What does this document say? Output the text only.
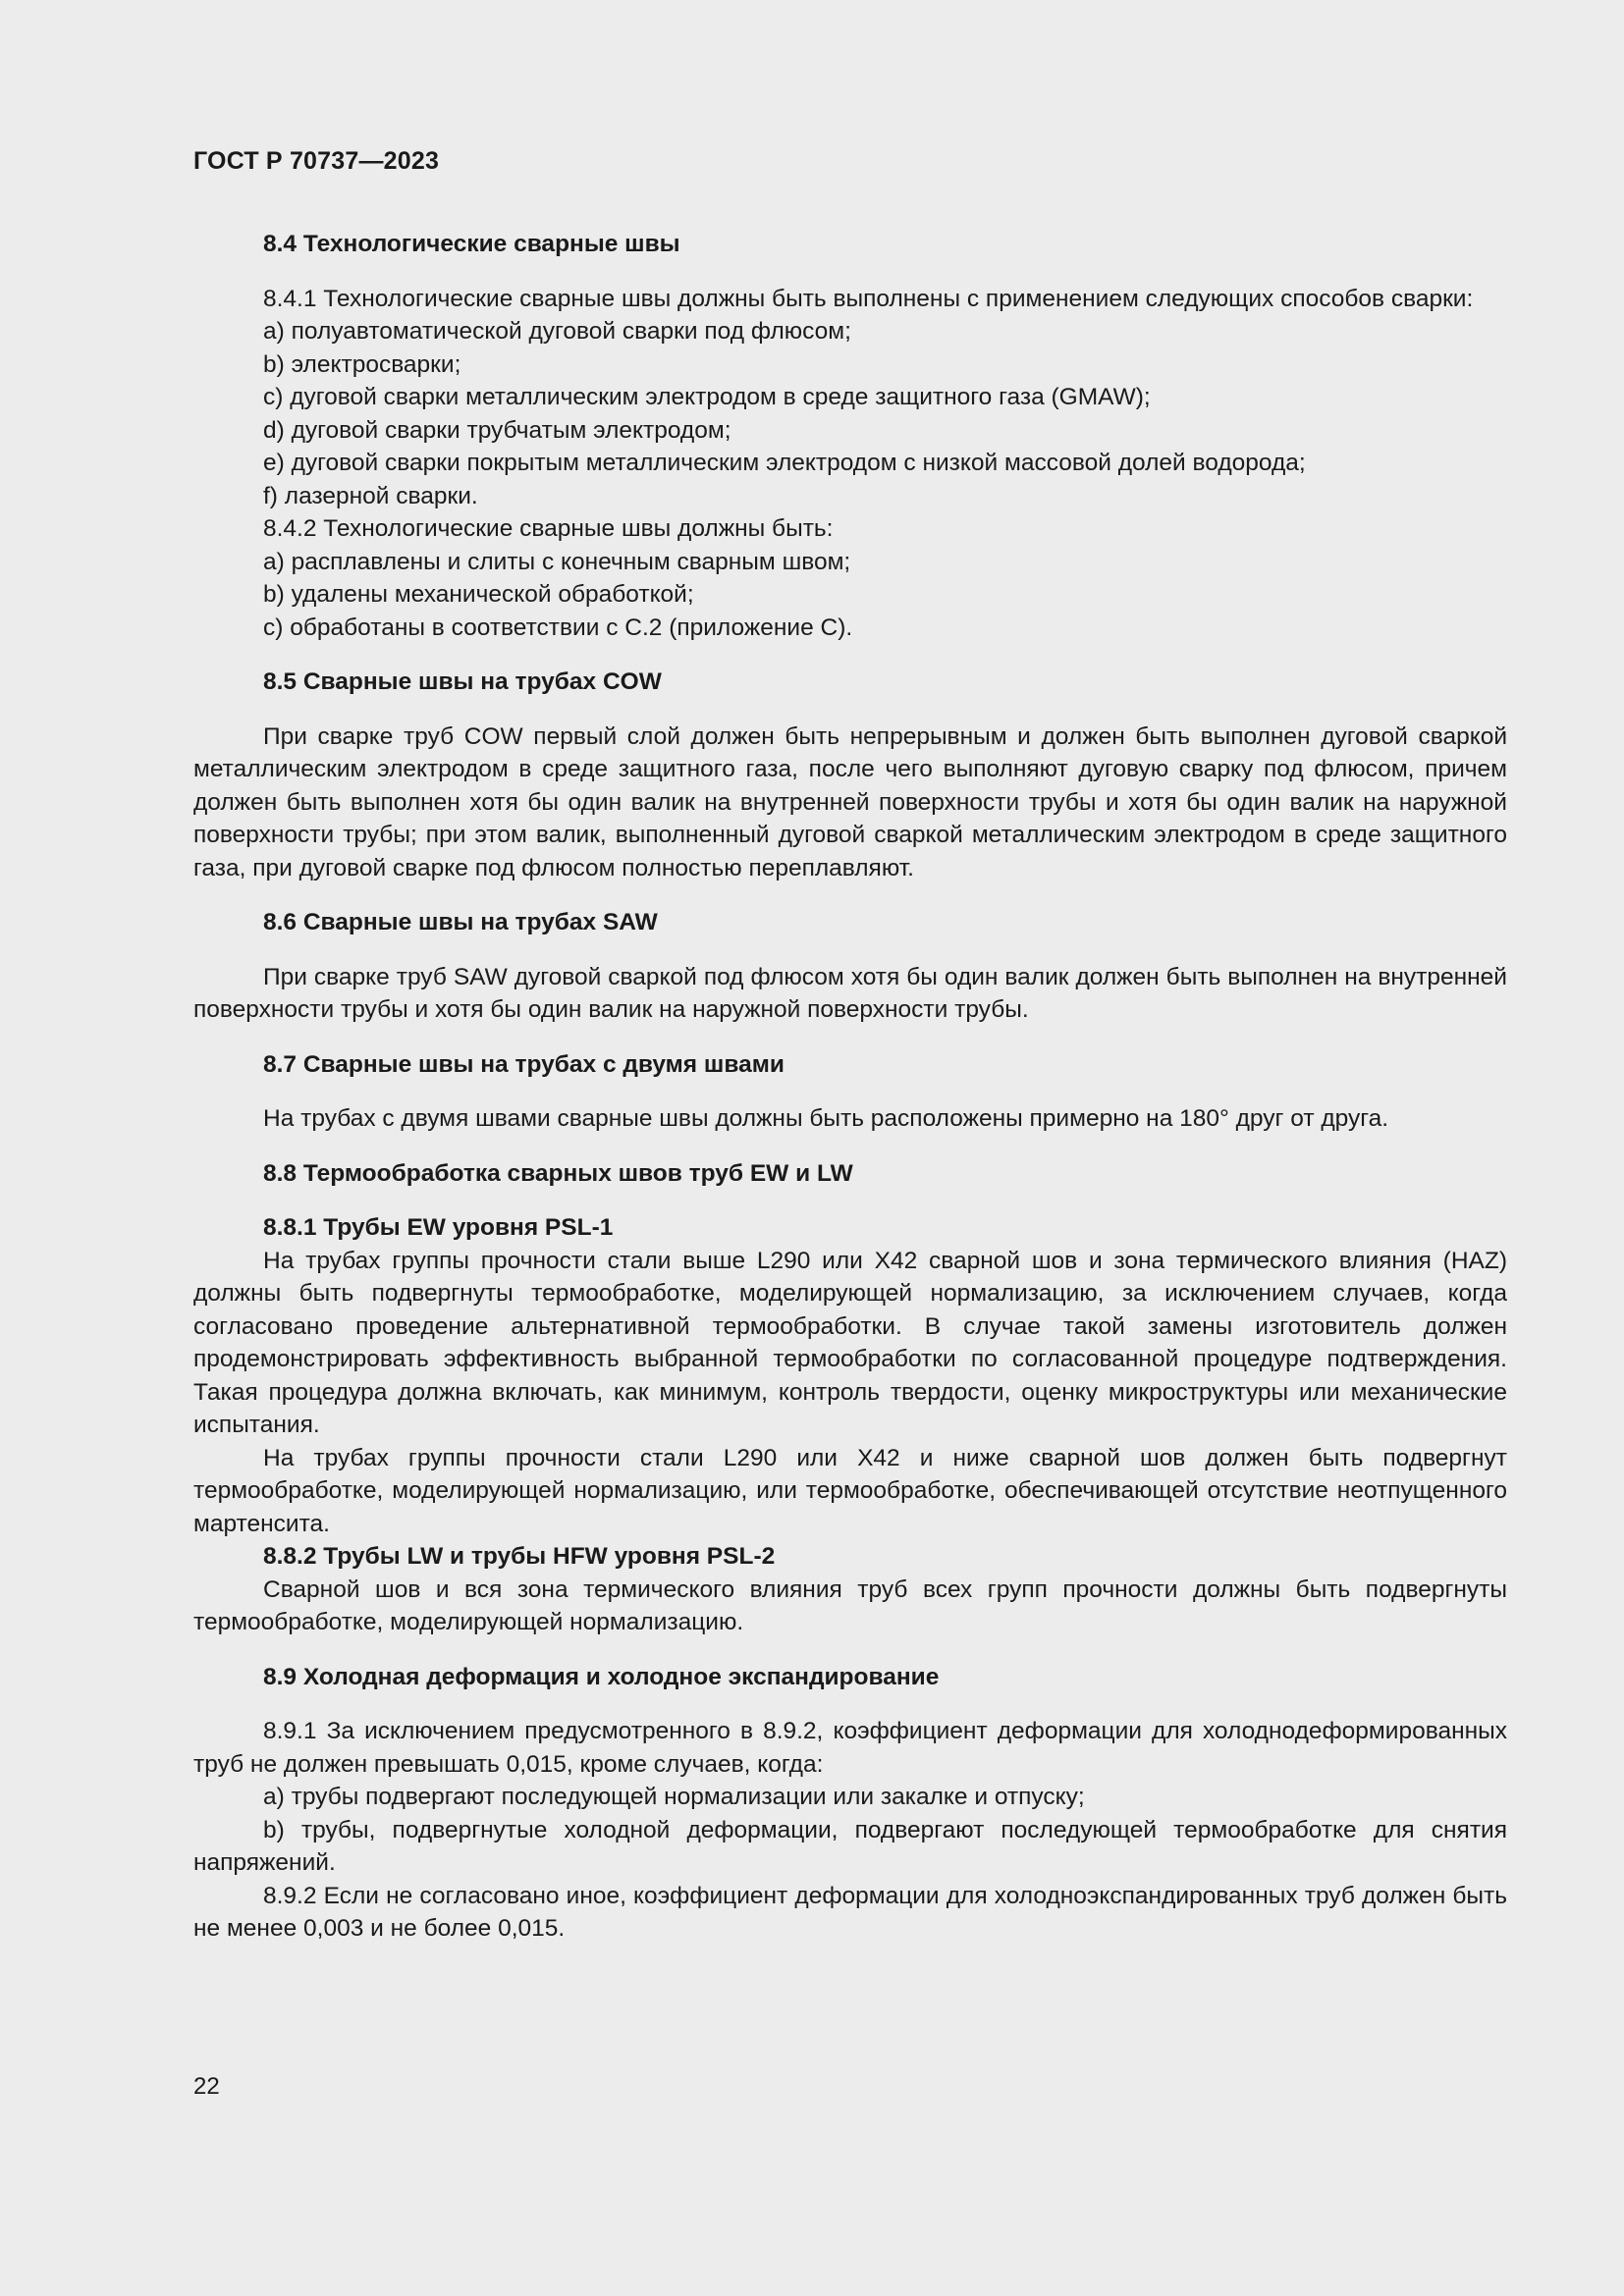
ГОСТ Р 70737—2023

8.4 Технологические сварные швы

8.4.1 Технологические сварные швы должны быть выполнены с применением следующих способов сварки:

a) полуавтоматической дуговой сварки под флюсом;

b) электросварки;

c) дуговой сварки металлическим электродом в среде защитного газа (GMAW);

d) дуговой сварки трубчатым электродом;

e) дуговой сварки покрытым металлическим электродом с низкой массовой долей водорода;

f) лазерной сварки.

8.4.2 Технологические сварные швы должны быть:

a) расплавлены и слиты с конечным сварным швом;

b) удалены механической обработкой;

c) обработаны в соответствии с С.2 (приложение С).

8.5 Сварные швы на трубах COW

При сварке труб COW первый слой должен быть непрерывным и должен быть выполнен дуговой сваркой металлическим электродом в среде защитного газа, после чего выполняют дуговую сварку под флюсом, причем должен быть выполнен хотя бы один валик на внутренней поверхности трубы и хотя бы один валик на наружной поверхности трубы; при этом валик, выполненный дуговой сваркой металлическим электродом в среде защитного газа, при дуговой сварке под флюсом полностью переплавляют.

8.6 Сварные швы на трубах SAW

При сварке труб SAW дуговой сваркой под флюсом хотя бы один валик должен быть выполнен на внутренней поверхности трубы и хотя бы один валик на наружной поверхности трубы.

8.7 Сварные швы на трубах с двумя швами

На трубах с двумя швами сварные швы должны быть расположены примерно на 180° друг от друга.

8.8 Термообработка сварных швов труб EW и LW

8.8.1 Трубы EW уровня PSL-1

На трубах группы прочности стали выше L290 или X42 сварной шов и зона термического влияния (HAZ) должны быть подвергнуты термообработке, моделирующей нормализацию, за исключением случаев, когда согласовано проведение альтернативной термообработки. В случае такой замены изготовитель должен продемонстрировать эффективность выбранной термообработки по согласованной процедуре подтверждения. Такая процедура должна включать, как минимум, контроль твердости, оценку микроструктуры или механические испытания.

На трубах группы прочности стали L290 или X42 и ниже сварной шов должен быть подвергнут термообработке, моделирующей нормализацию, или термообработке, обеспечивающей отсутствие неотпущенного мартенсита.

8.8.2 Трубы LW и трубы HFW уровня PSL-2

Сварной шов и вся зона термического влияния труб всех групп прочности должны быть подвергнуты термообработке, моделирующей нормализацию.

8.9 Холодная деформация и холодное экспандирование

8.9.1 За исключением предусмотренного в 8.9.2, коэффициент деформации для холоднодеформированных труб не должен превышать 0,015, кроме случаев, когда:

a) трубы подвергают последующей нормализации или закалке и отпуску;

b) трубы, подвергнутые холодной деформации, подвергают последующей термообработке для снятия напряжений.

8.9.2 Если не согласовано иное, коэффициент деформации для холодноэкспандированных труб должен быть не менее 0,003 и не более 0,015.

22
